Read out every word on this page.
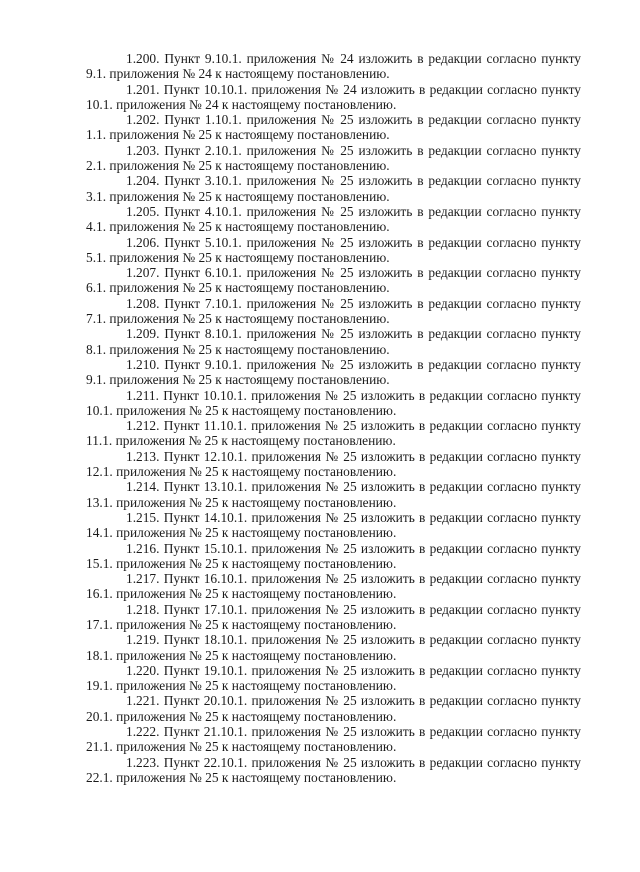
1.200. Пункт 9.10.1. приложения № 24 изложить в редакции согласно пункту 9.1. приложения № 24 к настоящему постановлению.

1.201. Пункт 10.10.1. приложения № 24 изложить в редакции согласно пункту 10.1. приложения № 24 к настоящему постановлению.

1.202. Пункт 1.10.1. приложения № 25 изложить в редакции согласно пункту 1.1. приложения № 25 к настоящему постановлению.

1.203. Пункт 2.10.1. приложения № 25 изложить в редакции согласно пункту 2.1. приложения № 25 к настоящему постановлению.

1.204. Пункт 3.10.1. приложения № 25 изложить в редакции согласно пункту 3.1. приложения № 25 к настоящему постановлению.

1.205. Пункт 4.10.1. приложения № 25 изложить в редакции согласно пункту 4.1. приложения № 25 к настоящему постановлению.

1.206. Пункт 5.10.1. приложения № 25 изложить в редакции согласно пункту 5.1. приложения № 25 к настоящему постановлению.

1.207. Пункт 6.10.1. приложения № 25 изложить в редакции согласно пункту 6.1. приложения № 25 к настоящему постановлению.

1.208. Пункт 7.10.1. приложения № 25 изложить в редакции согласно пункту 7.1. приложения № 25 к настоящему постановлению.

1.209. Пункт 8.10.1. приложения № 25 изложить в редакции согласно пункту 8.1. приложения № 25 к настоящему постановлению.

1.210. Пункт 9.10.1. приложения № 25 изложить в редакции согласно пункту 9.1. приложения № 25 к настоящему постановлению.

1.211. Пункт 10.10.1. приложения № 25 изложить в редакции согласно пункту 10.1. приложения № 25 к настоящему постановлению.

1.212. Пункт 11.10.1. приложения № 25 изложить в редакции согласно пункту 11.1. приложения № 25 к настоящему постановлению.

1.213. Пункт 12.10.1. приложения № 25 изложить в редакции согласно пункту 12.1. приложения № 25 к настоящему постановлению.

1.214. Пункт 13.10.1. приложения № 25 изложить в редакции согласно пункту 13.1. приложения № 25 к настоящему постановлению.

1.215. Пункт 14.10.1. приложения № 25 изложить в редакции согласно пункту 14.1. приложения № 25 к настоящему постановлению.

1.216. Пункт 15.10.1. приложения № 25 изложить в редакции согласно пункту 15.1. приложения № 25 к настоящему постановлению.

1.217. Пункт 16.10.1. приложения № 25 изложить в редакции согласно пункту 16.1. приложения № 25 к настоящему постановлению.

1.218. Пункт 17.10.1. приложения № 25 изложить в редакции согласно пункту 17.1. приложения № 25 к настоящему постановлению.

1.219. Пункт 18.10.1. приложения № 25 изложить в редакции согласно пункту 18.1. приложения № 25 к настоящему постановлению.

1.220. Пункт 19.10.1. приложения № 25 изложить в редакции согласно пункту 19.1. приложения № 25 к настоящему постановлению.

1.221. Пункт 20.10.1. приложения № 25 изложить в редакции согласно пункту 20.1. приложения № 25 к настоящему постановлению.

1.222. Пункт 21.10.1. приложения № 25 изложить в редакции согласно пункту 21.1. приложения № 25 к настоящему постановлению.

1.223. Пункт 22.10.1. приложения № 25 изложить в редакции согласно пункту 22.1. приложения № 25 к настоящему постановлению.
